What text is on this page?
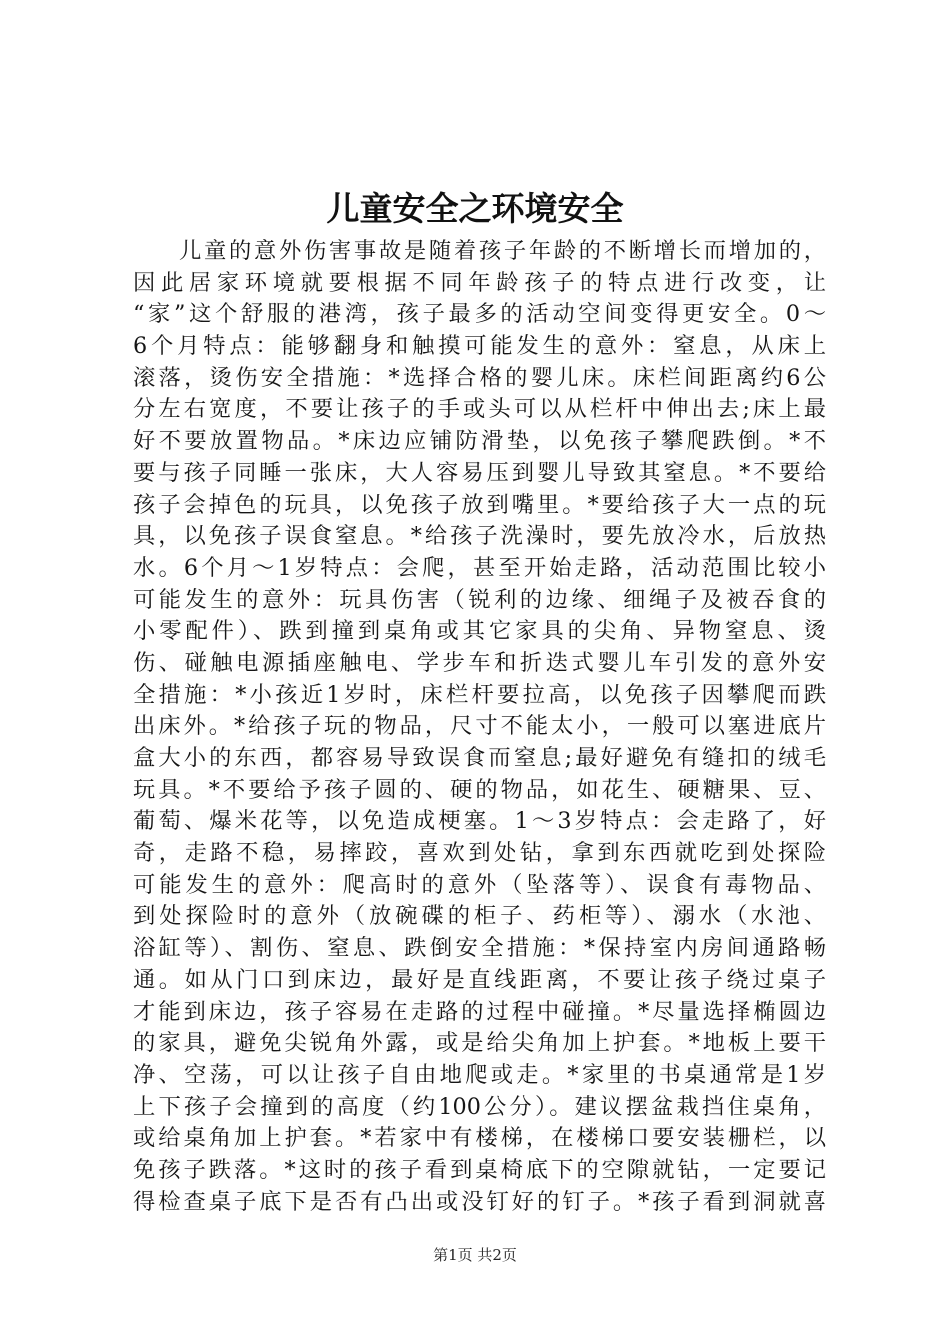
儿童安全之环境安全
儿童的意外伤害事故是随着孩子年龄的不断增长而增加的，
因此居家环境就要根据不同年龄孩子的特点进行改变，让
“家”这个舒服的港湾，孩子最多的活动空间变得更安全。0～
6个月特点：能够翻身和触摸可能发生的意外：窒息，从床上
滚落，烫伤安全措施：*选择合格的婴儿床。床栏间距离约6公
分左右宽度，不要让孩子的手或头可以从栏杆中伸出去;床上最
好不要放置物品。*床边应铺防滑垫，以免孩子攀爬跌倒。*不
要与孩子同睡一张床，大人容易压到婴儿导致其窒息。*不要给
孩子会掉色的玩具，以免孩子放到嘴里。*要给孩子大一点的玩
具，以免孩子误食窒息。*给孩子洗澡时，要先放冷水，后放热
水。6个月～1岁特点：会爬，甚至开始走路，活动范围比较小
可能发生的意外：玩具伤害（锐利的边缘、细绳子及被吞食的
小零配件）、跌到撞到桌角或其它家具的尖角、异物窒息、烫
伤、碰触电源插座触电、学步车和折迭式婴儿车引发的意外安
全措施：*小孩近1岁时，床栏杆要拉高，以免孩子因攀爬而跌
出床外。*给孩子玩的物品，尺寸不能太小，一般可以塞进底片
盒大小的东西，都容易导致误食而窒息;最好避免有缝扣的绒毛
玩具。*不要给予孩子圆的、硬的物品，如花生、硬糖果、豆、
葡萄、爆米花等，以免造成梗塞。1～3岁特点：会走路了，好
奇，走路不稳，易摔跤，喜欢到处钻，拿到东西就吃到处探险
可能发生的意外：爬高时的意外（坠落等）、误食有毒物品、
到处探险时的意外（放碗碟的柜子、药柜等）、溺水（水池、
浴缸等）、割伤、窒息、跌倒安全措施：*保持室内房间通路畅
通。如从门口到床边，最好是直线距离，不要让孩子绕过桌子
才能到床边，孩子容易在走路的过程中碰撞。*尽量选择椭圆边
的家具，避免尖锐角外露，或是给尖角加上护套。*地板上要干
净、空荡，可以让孩子自由地爬或走。*家里的书桌通常是1岁
上下孩子会撞到的高度（约100公分）。建议摆盆栽挡住桌角，
或给桌角加上护套。*若家中有楼梯，在楼梯口要安装栅栏，以
免孩子跌落。*这时的孩子看到桌椅底下的空隙就钻，一定要记
得检查桌子底下是否有凸出或没钉好的钉子。*孩子看到洞就喜
第1页 共2页
